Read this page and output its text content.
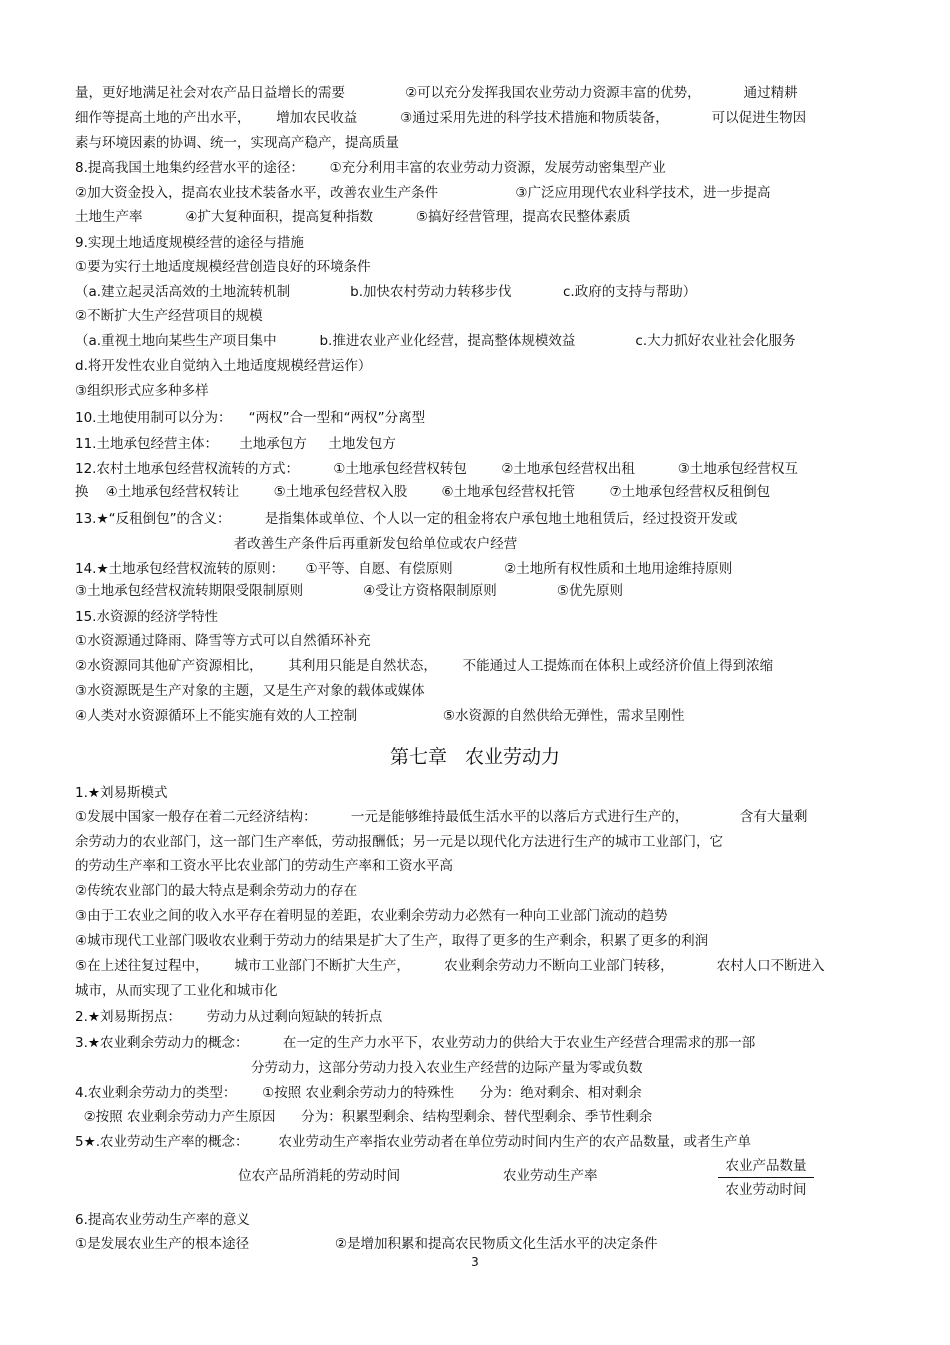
量，更好地满足社会对农产品日益增长的需要              ②可以充分发挥我国农业劳动力资源丰富的优势，          通过精耕
细作等提高土地的产出水平，      增加农民收益          ③通过采用先进的科学技术措施和物质装备，          可以促进生物因
素与环境因素的协调、统一，实现高产稳产，提高质量
8.提高我国土地集约经营水平的途径：      ①充分利用丰富的农业劳动力资源，发展劳动密集型产业
②加大资金投入，提高农业技术装备水平，改善农业生产条件                  ③广泛应用现代农业科学技术，进一步提高
土地生产率          ④扩大复种面积，提高复种指数          ⑤搞好经营管理，提高农民整体素质
9.实现土地适度规模经营的途径与措施
①要为实行土地适度规模经营创造良好的环境条件
（a.建立起灵活高效的土地流转机制              b.加快农村劳动力转移步伐            c.政府的支持与帮助）
②不断扩大生产经营项目的规模
（a.重视土地向某些生产项目集中          b.推进农业产业化经营，提高整体规模效益              c.大力抓好农业社会化服务
d.将开发性农业自觉纳入土地适度规模经营运作）
③组织形式应多种多样
10.土地使用制可以分为：    “两权”合一型和“两权”分离型
11.土地承包经营主体：     土地承包方     土地发包方
12.农村土地承包经营权流转的方式：        ①土地承包经营权转包        ②土地承包经营权出租          ③土地承包经营权互
换    ④土地承包经营权转让        ⑤土地承包经营权入股        ⑥土地承包经营权托管        ⑦土地承包经营权反租倒包
13.★“反租倒包”的含义：        是指集体或单位、个人以一定的租金将农户承包地土地租赁后，经过投资开发或
者改善生产条件后再重新发包给单位或农户经营
14.★土地承包经营权流转的原则：     ①平等、自愿、有偿原则            ②土地所有权性质和土地用途维持原则
③土地承包经营权流转期限受限制原则              ④受让方资格限制原则              ⑤优先原则
15.水资源的经济学特性
①水资源通过降雨、降雪等方式可以自然循环补充
②水资源同其他矿产资源相比，      其利用只能是自然状态，      不能通过人工提炼而在体积上或经济价值上得到浓缩
③水资源既是生产对象的主题，又是生产对象的载体或媒体
④人类对水资源循环上不能实施有效的人工控制                    ⑤水资源的自然供给无弹性，需求呈刚性
1.★刘易斯模式
①发展中国家一般存在着二元经济结构：        一元是能够维持最低生活水平的以落后方式进行生产的，            含有大量剩
余劳动力的农业部门，这一部门生产率低，劳动报酬低；另一元是以现代化方法进行生产的城市工业部门，它
的劳动生产率和工资水平比农业部门的劳动生产率和工资水平高
②传统农业部门的最大特点是剩余劳动力的存在
③由于工农业之间的收入水平存在着明显的差距，农业剩余劳动力必然有一种向工业部门流动的趋势
④城市现代工业部门吸收农业剩于劳动力的结果是扩大了生产，取得了更多的生产剩余，积累了更多的利润
⑤在上述往复过程中，      城市工业部门不断扩大生产，        农业剩余劳动力不断向工业部门转移，          农村人口不断进入
城市，从而实现了工业化和城市化
2.★刘易斯拐点：      劳动力从过剩向短缺的转折点
3.★农业剩余劳动力的概念：        在一定的生产力水平下，农业劳动力的供给大于农业生产经营合理需求的那一部
分劳动力，这部分劳动力投入农业生产经营的边际产量为零或负数
4.农业剩余劳动力的类型：      ①按照 农业剩余劳动力的特殊性      分为：绝对剩余、相对剩余
②按照 农业剩余劳动力产生原因      分为：积累型剩余、结构型剩余、替代型剩余、季节性剩余
5★.农业劳动生产率的概念：       农业劳动生产率指农业劳动者在单位劳动时间内生产的农产品数量，或者生产单
位农产品所消耗的劳动时间                        农业劳动生产率
6.提高农业劳动生产率的意义
①是发展农业生产的根本途径                    ②是增加积累和提高农民物质文化生活水平的决定条件
第七章   农业劳动力
农业产品数量
农业劳动时间
3
